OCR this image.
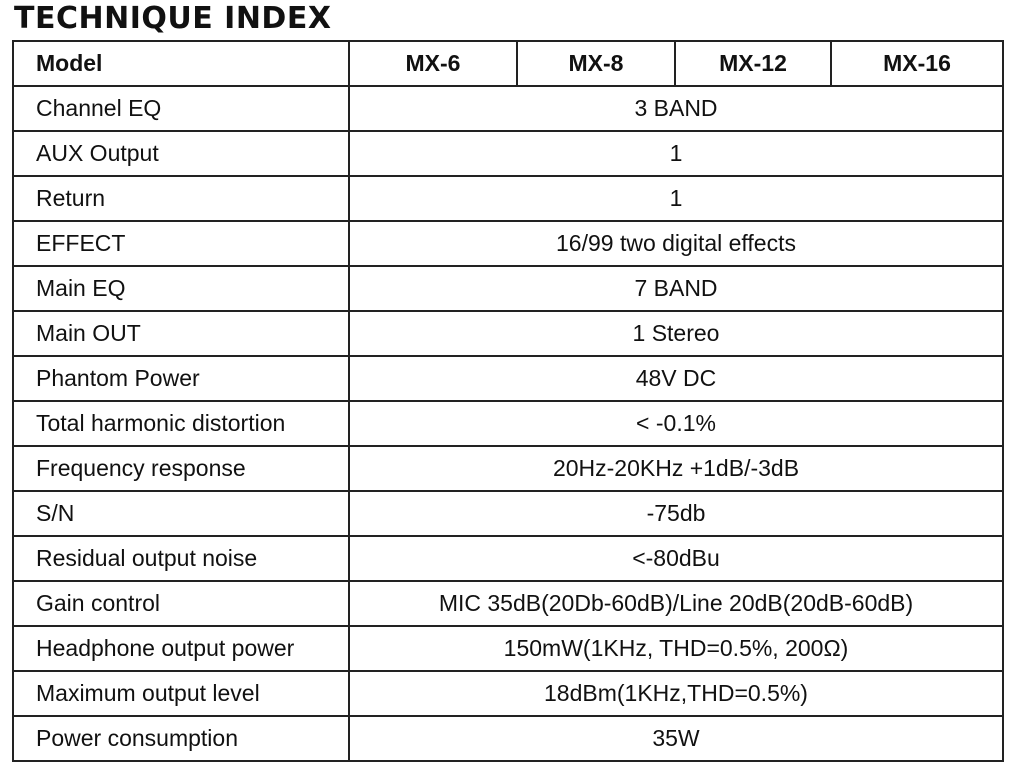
TECHNIQUE INDEX
Model	MX-6	MX-8	MX-12	MX-16
Channel EQ	3 BAND			
AUX Output	1			
Return	1			
EFFECT	16/99 two digital effects			
Main EQ	7 BAND			
Main OUT	1 Stereo			
Phantom Power	48V DC			
Total harmonic distortion	< -0.1%			
Frequency response	20Hz-20KHz +1dB/-3dB			
S/N	-75db			
Residual output noise	<-80dBu			
Gain control	MIC 35dB(20Db-60dB)/Line 20dB(20dB-60dB)			
Headphone output power	150mW(1KHz, THD=0.5%, 200Ω)			
Maximum output level	18dBm(1KHz,THD=0.5%)			
Power consumption	35W			
